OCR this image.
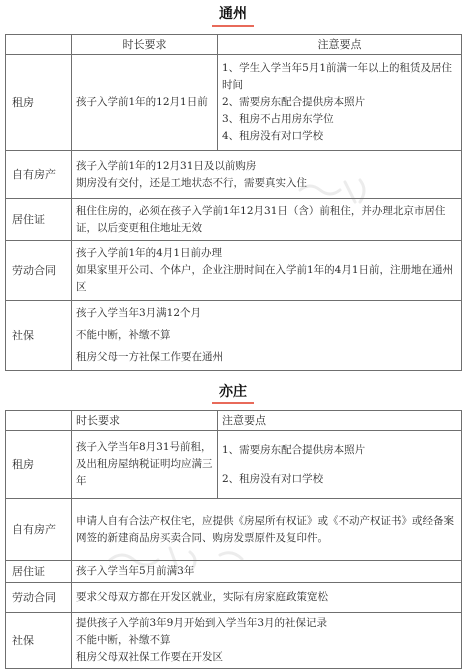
通州
	时长要求	注意要点
租房	孩子入学前1年的12月1日前	1、学生入学当年5月1前满一年以上的租赁及居住时间
2、需要房东配合提供房本照片
3、租房不占用房东学位
4、租房没有对口学校

自有房产	孩子入学前1年的12月31日及以前购房
期房没有交付，还是工地状态不行，需要真实入住	

居住证	租住住房的，必须在孩子入学前1年12月31日（含）前租住，并办理北京市居住证，以后变更租住地址无效	
劳动合同	孩子入学前1年的4月1日前办理
如果家里开公司、个体户，企业注册时间在入学前1年的4月1日前，注册地在通州区	

社保	孩子入学当年3月满12个月
不能中断，补缴不算
租房父母一方社保工作要在通州	
亦庄
	时长要求	注意要点
租房	孩子入学当年8月31号前租，及出租房屋纳税证明均应满三年	1、需要房东配合提供房本照片
2、租房没有对口学校

自有房产	申请人自有合法产权住宅，应提供《房屋所有权证》或《不动产权证书》或经备案网签的新建商品房买卖合同、购房发票原件及复印件。	
居住证	孩子入学当年5月前满3年	
劳动合同	要求父母双方都在开发区就业，实际有房家庭政策宽松	
社保	提供孩子入学前3年9月开始到入学当年3月的社保记录
不能中断，补缴不算
租房父母双社保工作要在开发区	
